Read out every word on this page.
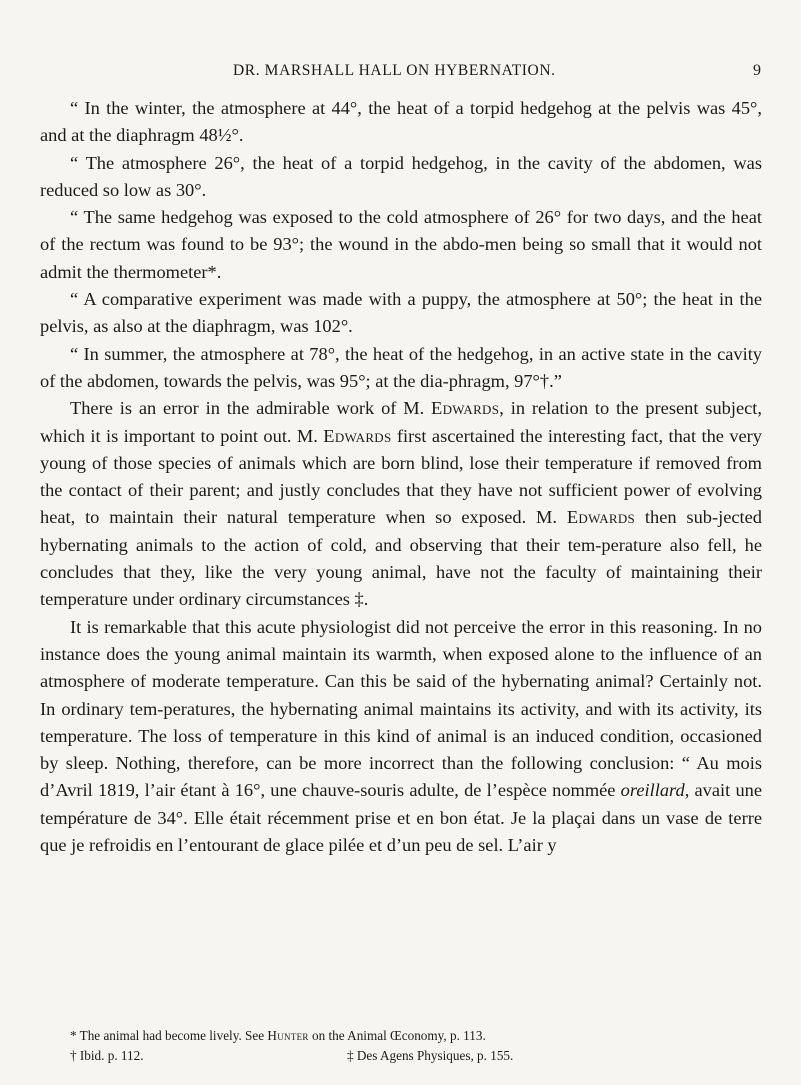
DR. MARSHALL HALL ON HYBERNATION.	9

“ In the winter, the atmosphere at 44°, the heat of a torpid hedgehog at the pelvis was 45°, and at the diaphragm 48½°.

“ The atmosphere 26°, the heat of a torpid hedgehog, in the cavity of the abdomen, was reduced so low as 30°.

“ The same hedgehog was exposed to the cold atmosphere of 26° for two days, and the heat of the rectum was found to be 93°; the wound in the abdo-men being so small that it would not admit the thermometer*.

“ A comparative experiment was made with a puppy, the atmosphere at 50°; the heat in the pelvis, as also at the diaphragm, was 102°.

“ In summer, the atmosphere at 78°, the heat of the hedgehog, in an active state in the cavity of the abdomen, towards the pelvis, was 95°; at the dia-phragm, 97°†.”

There is an error in the admirable work of M. Edwards, in relation to the present subject, which it is important to point out. M. Edwards first ascertained the interesting fact, that the very young of those species of animals which are born blind, lose their temperature if removed from the contact of their parent; and justly concludes that they have not sufficient power of evolving heat, to maintain their natural temperature when so exposed. M. Edwards then sub-jected hybernating animals to the action of cold, and observing that their tem-perature also fell, he concludes that they, like the very young animal, have not the faculty of maintaining their temperature under ordinary circumstances ‡.

It is remarkable that this acute physiologist did not perceive the error in this reasoning. In no instance does the young animal maintain its warmth, when exposed alone to the influence of an atmosphere of moderate temperature. Can this be said of the hybernating animal? Certainly not. In ordinary tem-peratures, the hybernating animal maintains its activity, and with its activity, its temperature. The loss of temperature in this kind of animal is an induced condition, occasioned by sleep. Nothing, therefore, can be more incorrect than the following conclusion: “ Au mois d’Avril 1819, l’air étant à 16°, une chauve-souris adulte, de l’espèce nommée oreillard, avait une température de 34°. Elle était récemment prise et en bon état. Je la plaçai dans un vase de terre que je refroidis en l’entourant de glace pilée et d’un peu de sel. L’air y

* The animal had become lively. See Hunter on the Animal Œconomy, p. 113.
† Ibid. p. 112.	‡ Des Agens Physiques, p. 155.
